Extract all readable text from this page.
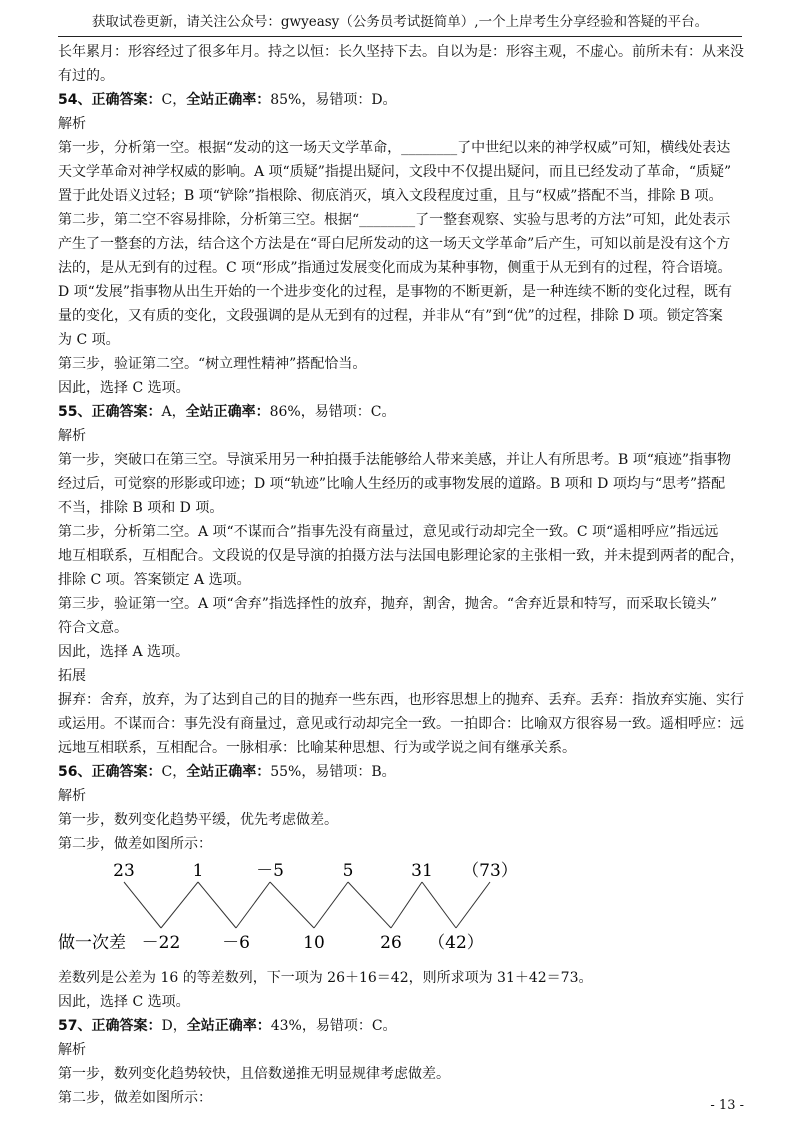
获取试卷更新，请关注公众号：gwyeasy（公务员考试挺简单）,一个上岸考生分享经验和答疑的平台。

长年累月：形容经过了很多年月。持之以恒：长久坚持下去。自以为是：形容主观，不虚心。前所未有：从来没

有过的。

54、正确答案：C，全站正确率：85%，易错项：D。

解析

第一步，分析第一空。根据“发动的这一场天文学革命，________了中世纪以来的神学权威”可知，横线处表达

天文学革命对神学权威的影响。A 项“质疑”指提出疑问，文段中不仅提出疑问，而且已经发动了革命，“质疑”

置于此处语义过轻；B 项“铲除”指根除、彻底消灭，填入文段程度过重，且与“权威”搭配不当，排除 B 项。

第二步，第二空不容易排除，分析第三空。根据“________了一整套观察、实验与思考的方法”可知，此处表示

产生了一整套的方法，结合这个方法是在“哥白尼所发动的这一场天文学革命”后产生，可知以前是没有这个方

法的，是从无到有的过程。C 项“形成”指通过发展变化而成为某种事物，侧重于从无到有的过程，符合语境。

D 项“发展”指事物从出生开始的一个进步变化的过程，是事物的不断更新，是一种连续不断的变化过程，既有

量的变化，又有质的变化，文段强调的是从无到有的过程，并非从“有”到“优”的过程，排除 D 项。锁定答案

为 C 项。

第三步，验证第二空。“树立理性精神”搭配恰当。

因此，选择 C 选项。

55、正确答案：A，全站正确率：86%，易错项：C。

解析

第一步，突破口在第三空。导演采用另一种拍摄手法能够给人带来美感，并让人有所思考。B 项“痕迹”指事物

经过后，可觉察的形影或印迹；D 项“轨迹”比喻人生经历的或事物发展的道路。B 项和 D 项均与“思考”搭配

不当，排除 B 项和 D 项。

第二步，分析第二空。A 项“不谋而合”指事先没有商量过，意见或行动却完全一致。C 项“遥相呼应”指远远

地互相联系，互相配合。文段说的仅是导演的拍摄方法与法国电影理论家的主张相一致，并未提到两者的配合，

排除 C 项。答案锁定 A 选项。

第三步，验证第一空。A 项“舍弃”指选择性的放弃，抛弃，割舍，抛舍。“舍弃近景和特写，而采取长镜头”

符合文意。

因此，选择 A 选项。

拓展

摒弃：舍弃，放弃，为了达到自己的目的抛弃一些东西，也形容思想上的抛弃、丢弃。丢弃：指放弃实施、实行

或运用。不谋而合：事先没有商量过，意见或行动却完全一致。一拍即合：比喻双方很容易一致。遥相呼应：远

远地互相联系，互相配合。一脉相承：比喻某种思想、行为或学说之间有继承关系。

56、正确答案：C，全站正确率：55%，易错项：B。

解析

第一步，数列变化趋势平缓，优先考虑做差。

第二步，做差如图所示：

23	1	－5	5	31 （73）
做一次差 －22 －6	10	26 （42）

差数列是公差为 16 的等差数列，下一项为 26＋16＝42，则所求项为 31＋42＝73。

因此，选择 C 选项。

57、正确答案：D，全站正确率：43%，易错项：C。

解析

第一步，数列变化趋势较快，且倍数递推无明显规律考虑做差。

第二步，做差如图所示：	- 13 -
